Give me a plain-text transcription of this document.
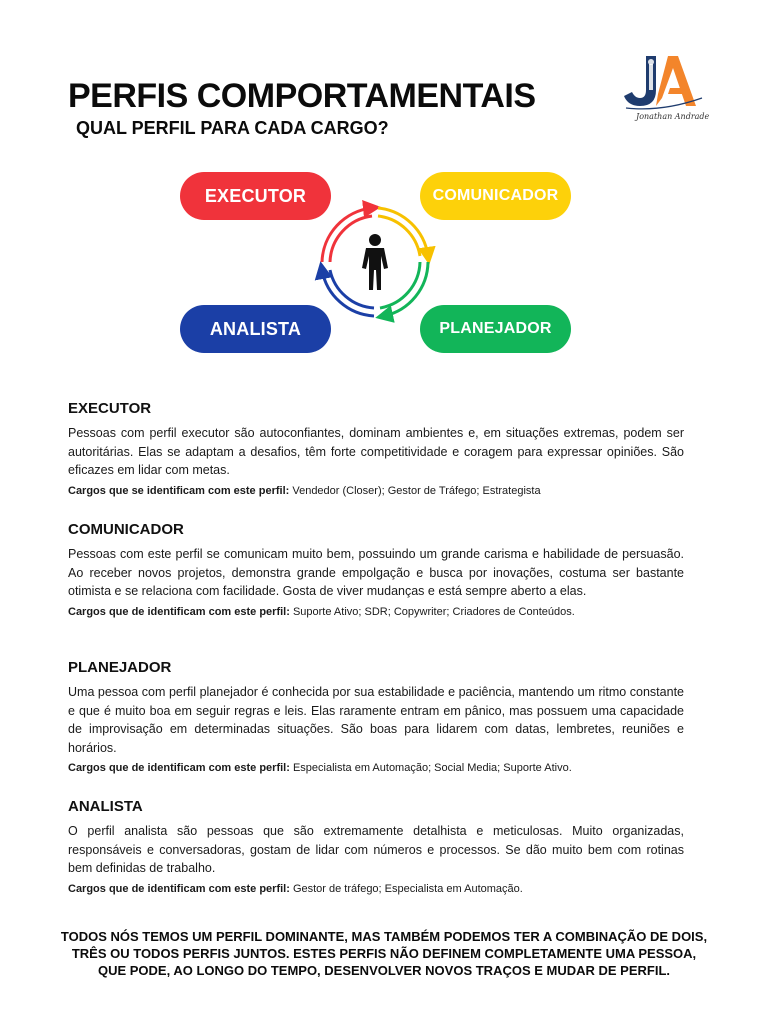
PERFIS COMPORTAMENTAIS
QUAL PERFIL PARA CADA CARGO?
Jonathan Andrade
EXECUTOR	COMUNICADOR
ANALISTA	PLANEJADOR
EXECUTOR

Pessoas com perfil executor são autoconfiantes, dominam ambientes e, em situações extremas, podem ser autoritárias. Elas se adaptam a desafios, têm forte competitividade e coragem para expressar opiniões. São eficazes em lidar com metas.

Cargos que se identificam com este perfil: Vendedor (Closer); Gestor de Tráfego; Estrategista

COMUNICADOR

Pessoas com este perfil se comunicam muito bem, possuindo um grande carisma e habilidade de persuasão. Ao receber novos projetos, demonstra grande empolgação e busca por inovações, costuma ser bastante otimista e se relaciona com facilidade. Gosta de viver mudanças e está sempre aberto a elas.

Cargos que de identificam com este perfil: Suporte Ativo; SDR; Copywriter; Criadores de Conteúdos.

PLANEJADOR

Uma pessoa com perfil planejador é conhecida por sua estabilidade e paciência, mantendo um ritmo constante e que é muito boa em seguir regras e leis. Elas raramente entram em pânico, mas possuem uma capacidade de improvisação em determinadas situações. São boas para lidarem com datas, lembretes, reuniões e horários.

Cargos que de identificam com este perfil: Especialista em Automação; Social Media; Suporte Ativo.

ANALISTA

O perfil analista são pessoas que são extremamente detalhista e meticulosas. Muito organizadas, responsáveis e conversadoras, gostam de lidar com números e processos. Se dão muito bem com rotinas bem definidas de trabalho.

Cargos que de identificam com este perfil: Gestor de tráfego; Especialista em Automação.

TODOS NÓS TEMOS UM PERFIL DOMINANTE, MAS TAMBÉM PODEMOS TER A COMBINAÇÃO DE DOIS, TRÊS OU TODOS PERFIS JUNTOS. ESTES PERFIS NÃO DEFINEM COMPLETAMENTE UMA PESSOA, QUE PODE, AO LONGO DO TEMPO, DESENVOLVER NOVOS TRAÇOS E MUDAR DE PERFIL.
